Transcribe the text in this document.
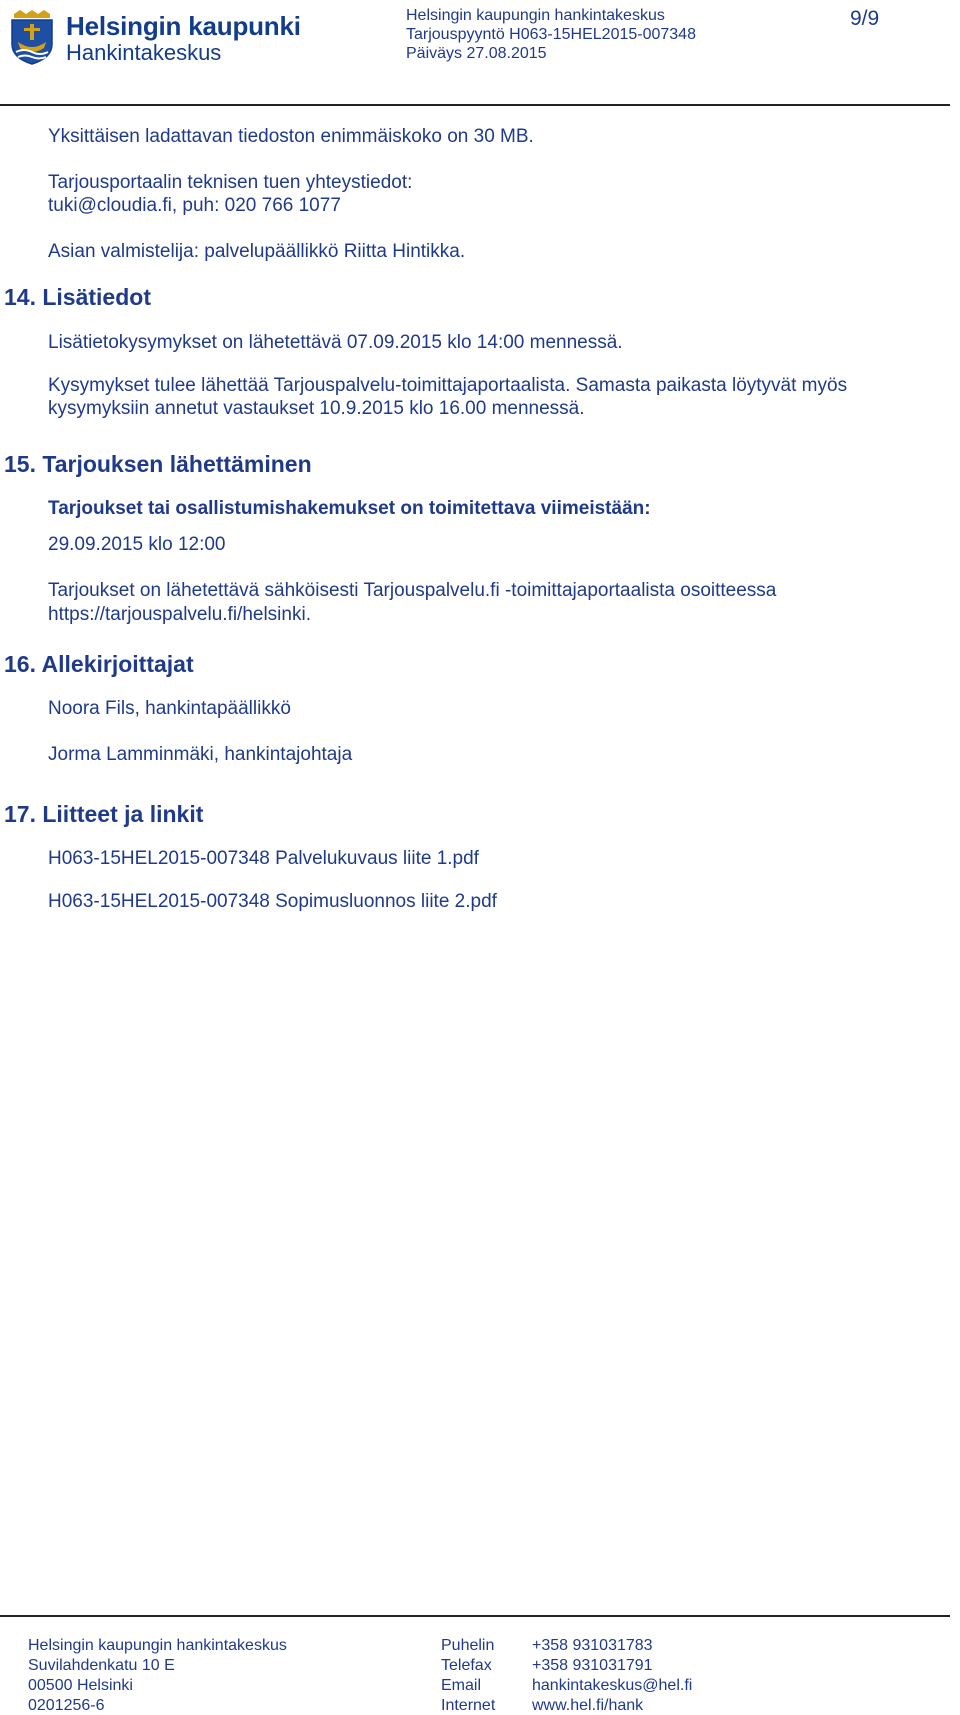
Helsingin kaupunki
Hankintakeskus
Helsingin kaupungin hankintakeskus
Tarjouspyyntö H063-15HEL2015-007348
Päiväys 27.08.2015
9/9
Yksittäisen ladattavan tiedoston enimmäiskoko on 30 MB.
Tarjousportaalin teknisen tuen yhteystiedot:
tuki@cloudia.fi, puh: 020 766 1077
Asian valmistelija: palvelupäällikkö Riitta Hintikka.
14. Lisätiedot
Lisätietokysymykset on lähetettävä 07.09.2015 klo 14:00 mennessä.
Kysymykset tulee lähettää Tarjouspalvelu-toimittajaportaalista. Samasta paikasta löytyvät myös
kysymyksiin annetut vastaukset 10.9.2015 klo 16.00 mennessä.
15. Tarjouksen lähettäminen
Tarjoukset tai osallistumishakemukset on toimitettava viimeistään:
29.09.2015 klo 12:00
Tarjoukset on lähetettävä sähköisesti Tarjouspalvelu.fi -toimittajaportaalista osoitteessa
https://tarjouspalvelu.fi/helsinki.
16. Allekirjoittajat
Noora Fils, hankintapäällikkö
Jorma Lamminmäki, hankintajohtaja
17. Liitteet ja linkit
H063-15HEL2015-007348 Palvelukuvaus liite 1.pdf
H063-15HEL2015-007348 Sopimusluonnos liite 2.pdf
Helsingin kaupungin hankintakeskus
Suvilahdenkatu 10 E
00500 Helsinki
0201256-6
Puhelin
Telefax
Email
Internet
+358 931031783
+358 931031791
hankintakeskus@hel.fi
www.hel.fi/hank
